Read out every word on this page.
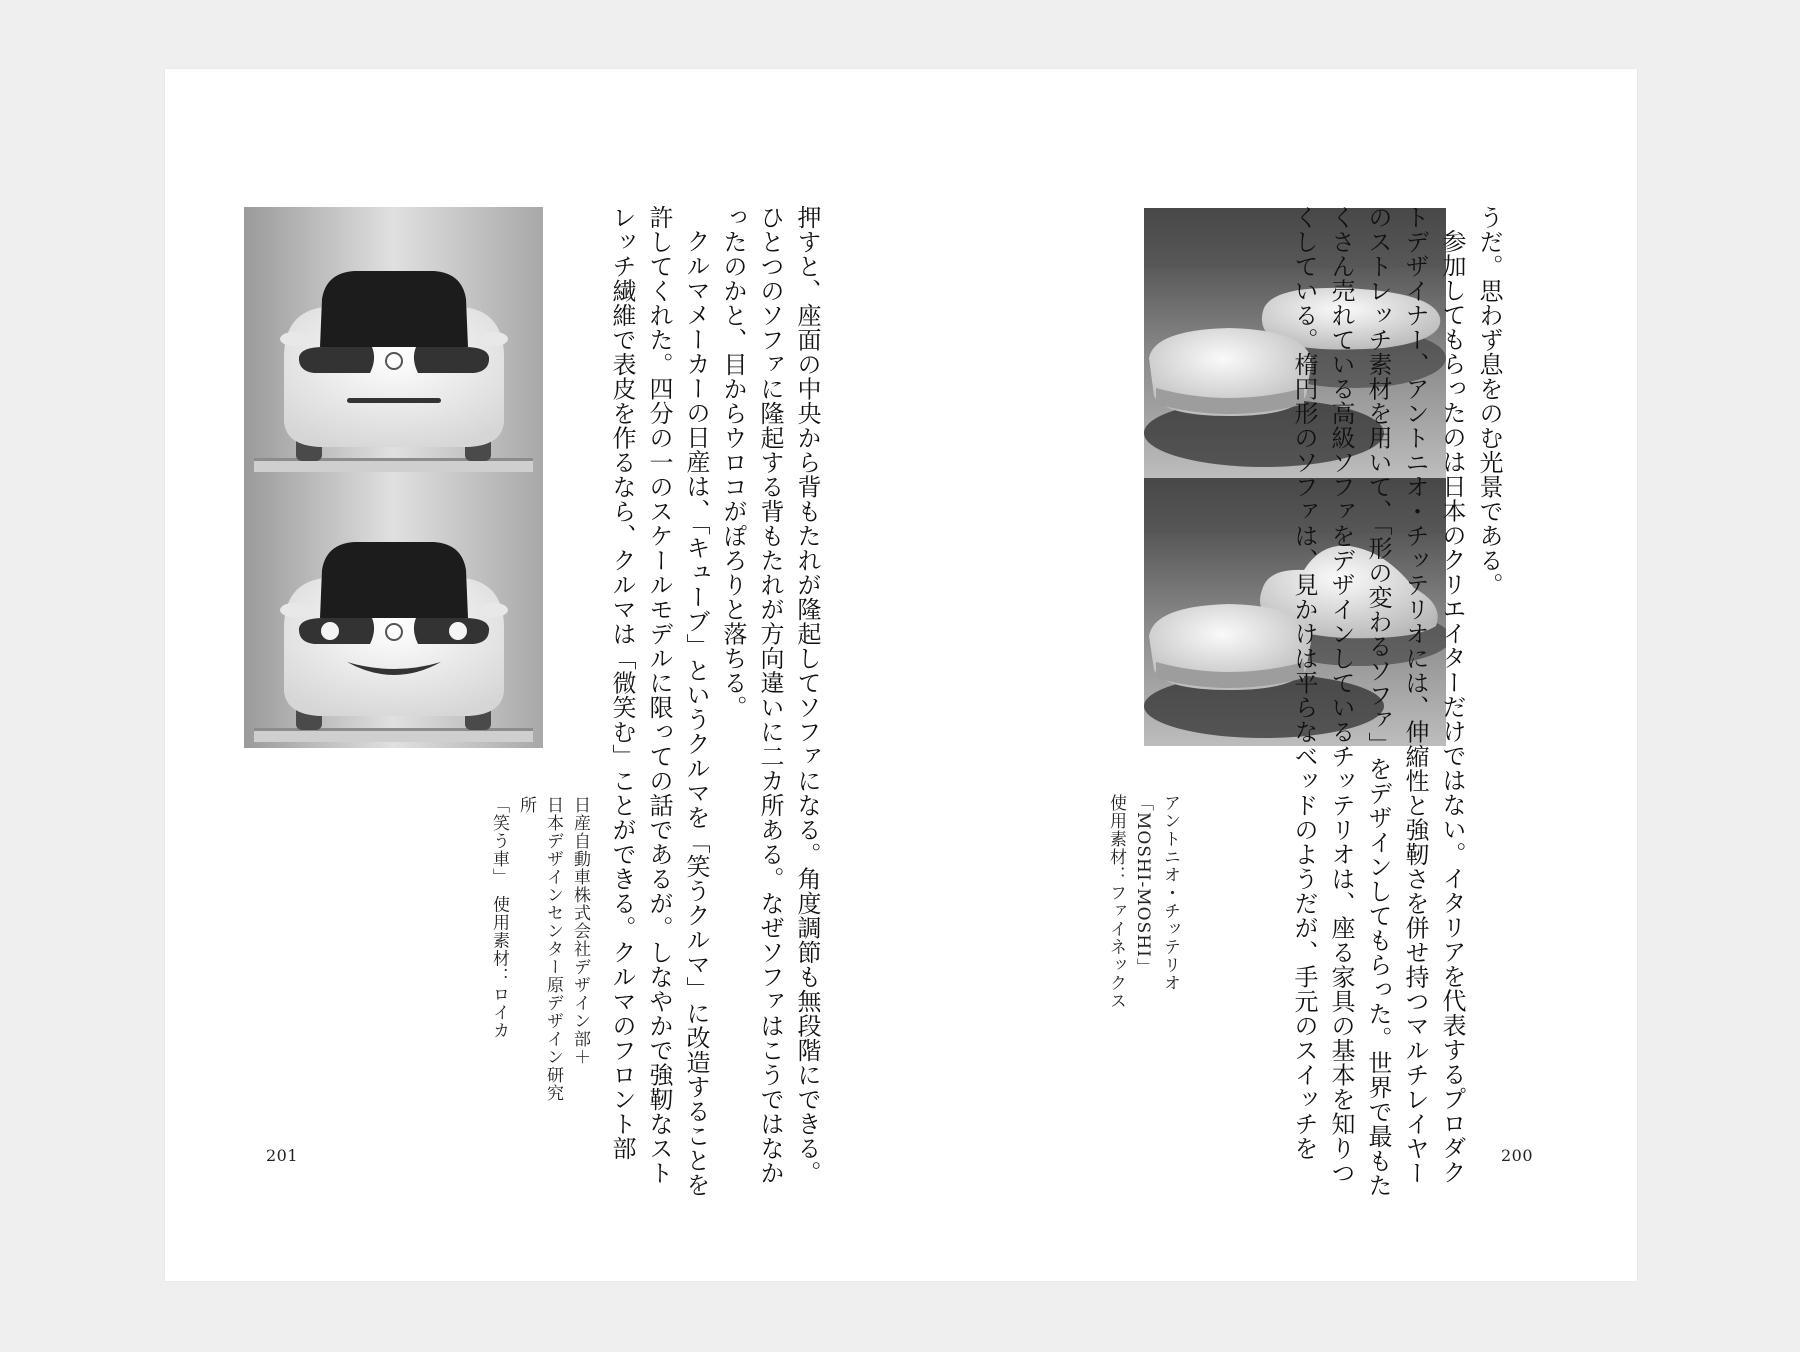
押すと、座面の中央から背もたれが隆起してソファになる。角度調節も無段階にできる。ひとつのソファに隆起する背もたれが方向違いに二カ所ある。なぜソファはこうではなかったのかと、目からウロコがぽろりと落ちる。

クルマメーカーの日産は、「キューブ」というクルマを「笑うクルマ」に改造することを許してくれた。四分の一のスケールモデルに限っての話であるが。しなやかで強靭なストレッチ繊維で表皮を作るなら、クルマは「微笑む」ことができる。クルマのフロント部

日産自動車株式会社デザイン部＋
日本デザインセンター原デザイン研究所
「笑う車」　使用素材：ロイカ
201

うだ。思わず息をのむ光景である。

参加してもらったのは日本のクリエイターだけではない。イタリアを代表するプロダクトデザイナー、アントニオ・チッテリオには、伸縮性と強靭さを併せ持つマルチレイヤーのストレッチ素材を用いて、「形の変わるソファ」をデザインしてもらった。世界で最もたくさん売れている高級ソファをデザインしているチッテリオは、座る家具の基本を知りつくしている。楕円形のソファは、見かけは平らなベッドのようだが、手元のスイッチを

アントニオ・チッテリオ
「MOSHI-MOSHI」
使用素材：ファイネックス
200
